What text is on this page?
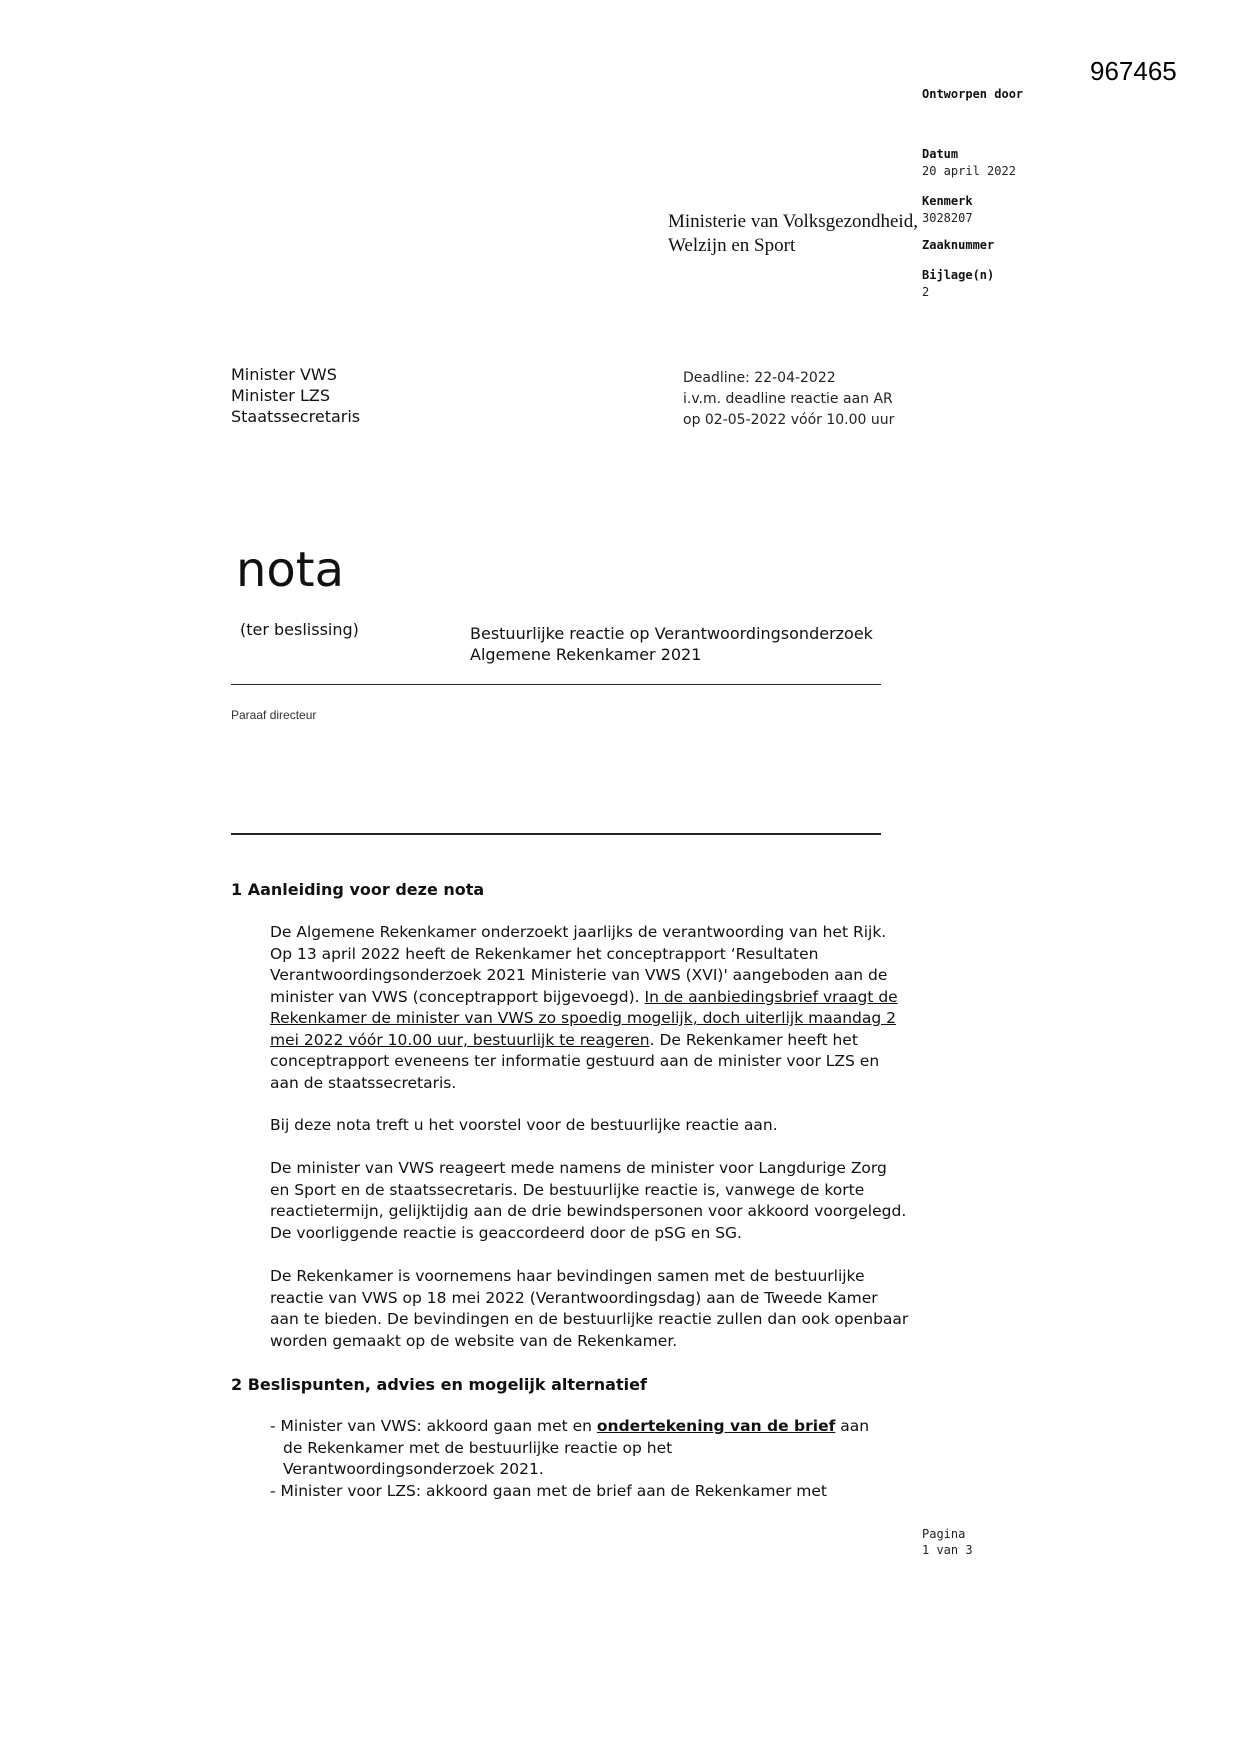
967465
Ontworpen door
Datum
20 april 2022
Kenmerk
3028207
Zaaknummer
Bijlage(n)
2
Ministerie van Volksgezondheid,
Welzijn en Sport
Minister VWS
Minister LZS
Staatssecretaris
Deadline: 22-04-2022
i.v.m. deadline reactie aan AR
op 02-05-2022 vóór 10.00 uur
nota
(ter beslissing)	Bestuurlijke reactie op Verantwoordingsonderzoek
Algemene Rekenkamer 2021
Paraaf directeur
1 Aanleiding voor deze nota

De Algemene Rekenkamer onderzoekt jaarlijks de verantwoording van het Rijk. Op 13 april 2022 heeft de Rekenkamer het conceptrapport ‘Resultaten Verantwoordingsonderzoek 2021 Ministerie van VWS (XVI)' aangeboden aan de minister van VWS (conceptrapport bijgevoegd). In de aanbiedingsbrief vraagt de Rekenkamer de minister van VWS zo spoedig mogelijk, doch uiterlijk maandag 2 mei 2022 vóór 10.00 uur, bestuurlijk te reageren. De Rekenkamer heeft het conceptrapport eveneens ter informatie gestuurd aan de minister voor LZS en aan de staatssecretaris.

Bij deze nota treft u het voorstel voor de bestuurlijke reactie aan.
De minister van VWS reageert mede namens de minister voor Langdurige Zorg en Sport en de staatssecretaris. De bestuurlijke reactie is, vanwege de korte reactietermijn, gelijktijdig aan de drie bewindspersonen voor akkoord voorgelegd. De voorliggende reactie is geaccordeerd door de pSG en SG.
De Rekenkamer is voornemens haar bevindingen samen met de bestuurlijke reactie van VWS op 18 mei 2022 (Verantwoordingsdag) aan de Tweede Kamer aan te bieden. De bevindingen en de bestuurlijke reactie zullen dan ook openbaar worden gemaakt op de website van de Rekenkamer.
2 Beslispunten, advies en mogelijk alternatief
- Minister van VWS: akkoord gaan met en ondertekening van de brief aan
de Rekenkamer met de bestuurlijke reactie op het
Verantwoordingsonderzoek 2021.
- Minister voor LZS: akkoord gaan met de brief aan de Rekenkamer met
Pagina
1 van 3
